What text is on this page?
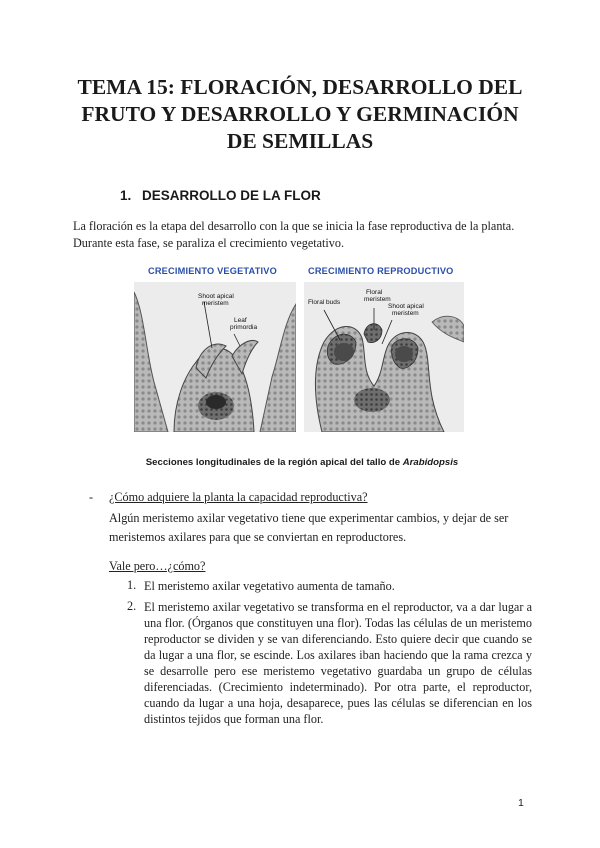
TEMA 15: FLORACIÓN, DESARROLLO DEL
FRUTO Y DESARROLLO Y GERMINACIÓN
DE SEMILLAS
1. DESARROLLO DE LA FLOR
La floración es la etapa del desarrollo con la que se inicia la fase reproductiva de la planta.
Durante esta fase, se paraliza el crecimiento vegetativo.
CRECIMIENTO VEGETATIVO	CRECIMIENTO REPRODUCTIVO
Shoot apical
meristem
Leaf
primordia
Floral buds
Floral
meristem
Shoot apical
meristem
Secciones longitudinales de la región apical del tallo de Arabidopsis
- ¿Cómo adquiere la planta la capacidad reproductiva?
Algún meristemo axilar vegetativo tiene que experimentar cambios, y dejar de ser
meristemos axilares para que se conviertan en reproductores.
Vale pero…¿cómo?
1. El meristemo axilar vegetativo aumenta de tamaño.
2. El meristemo axilar vegetativo se transforma en el reproductor, va a dar lugar a una flor. (Órganos que constituyen una flor). Todas las células de un meristemo reproductor se dividen y se van diferenciando. Esto quiere decir que cuando se da lugar a una flor, se escinde. Los axilares iban haciendo que la rama crezca y se desarrolle pero ese meristemo vegetativo guardaba un grupo de células diferenciadas. (Crecimiento indeterminado). Por otra parte, el reproductor, cuando da lugar a una hoja, desaparece, pues las células se diferencian en los distintos tejidos que forman una flor.
1
